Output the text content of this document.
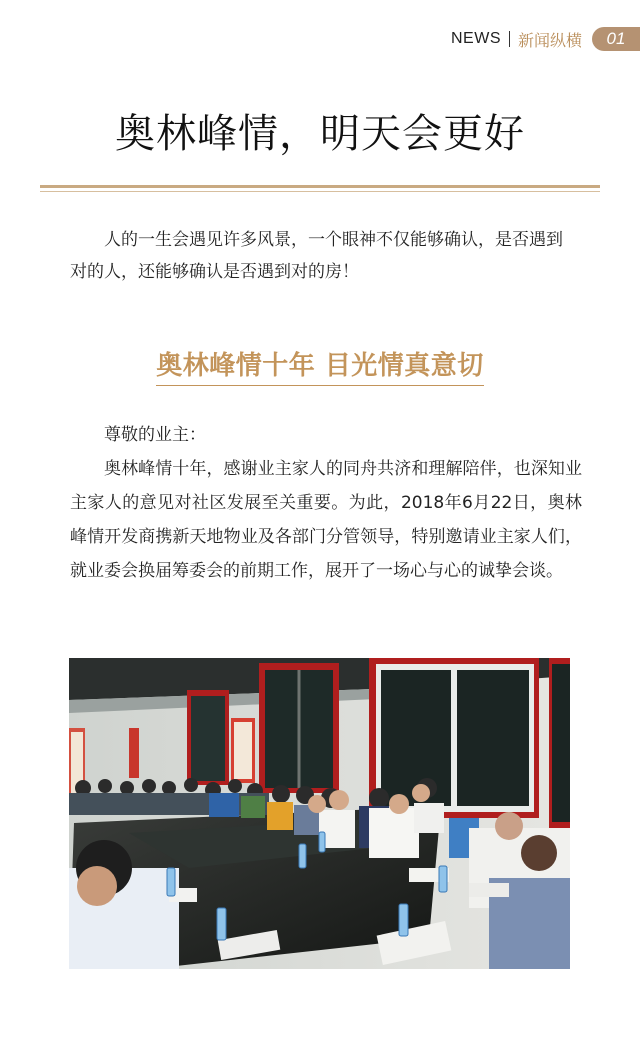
NEWS 新闻纵横	01
奥林峰情，明天会更好

人的一生会遇见许多风景，一个眼神不仅能够确认，是否遇到对的人，还能够确认是否遇到对的房！

奥林峰情十年 目光情真意切

尊敬的业主：

奥林峰情十年，感谢业主家人的同舟共济和理解陪伴，也深知业主家人的意见对社区发展至关重要。为此，2018年6月22日，奥林峰情开发商携新天地物业及各部门分管领导，特别邀请业主家人们，就业委会换届筹委会的前期工作，展开了一场心与心的诚挚会谈。
